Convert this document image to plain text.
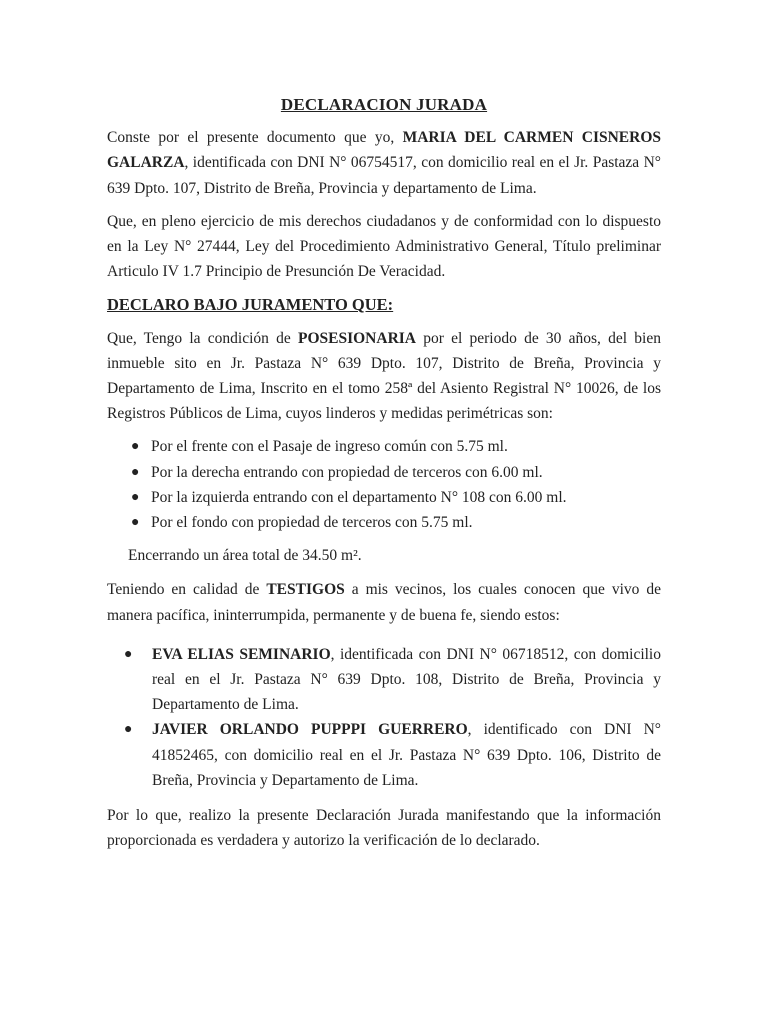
DECLARACION JURADA

Conste por el presente documento que yo, MARIA DEL CARMEN CISNEROS GALARZA, identificada con DNI N° 06754517, con domicilio real en el Jr. Pastaza N° 639 Dpto. 107, Distrito de Breña, Provincia y departamento de Lima.

Que, en pleno ejercicio de mis derechos ciudadanos y de conformidad con lo dispuesto en la Ley N° 27444, Ley del Procedimiento Administrativo General, Título preliminar Articulo IV 1.7 Principio de Presunción De Veracidad.

DECLARO BAJO JURAMENTO QUE:

Que, Tengo la condición de POSESIONARIA por el periodo de 30 años, del bien inmueble sito en Jr. Pastaza N° 639 Dpto. 107, Distrito de Breña, Provincia y Departamento de Lima, Inscrito en el tomo 258ª del Asiento Registral N° 10026, de los Registros Públicos de Lima, cuyos linderos y medidas perimétricas son:

● Por el frente con el Pasaje de ingreso común con 5.75 ml.
● Por la derecha entrando con propiedad de terceros con 6.00 ml.
● Por la izquierda entrando con el departamento N° 108 con 6.00 ml.
● Por el fondo con propiedad de terceros con 5.75 ml.

Encerrando un área total de 34.50 m².

Teniendo en calidad de TESTIGOS a mis vecinos, los cuales conocen que vivo de manera pacífica, ininterrumpida, permanente y de buena fe, siendo estos:

● EVA ELIAS SEMINARIO, identificada con DNI N° 06718512, con domicilio real en el Jr. Pastaza N° 639 Dpto. 108, Distrito de Breña, Provincia y Departamento de Lima.
● JAVIER ORLANDO PUPPPI GUERRERO, identificado con DNI N° 41852465, con domicilio real en el Jr. Pastaza N° 639 Dpto. 106, Distrito de Breña, Provincia y Departamento de Lima.

Por lo que, realizo la presente Declaración Jurada manifestando que la información proporcionada es verdadera y autorizo la verificación de lo declarado.
